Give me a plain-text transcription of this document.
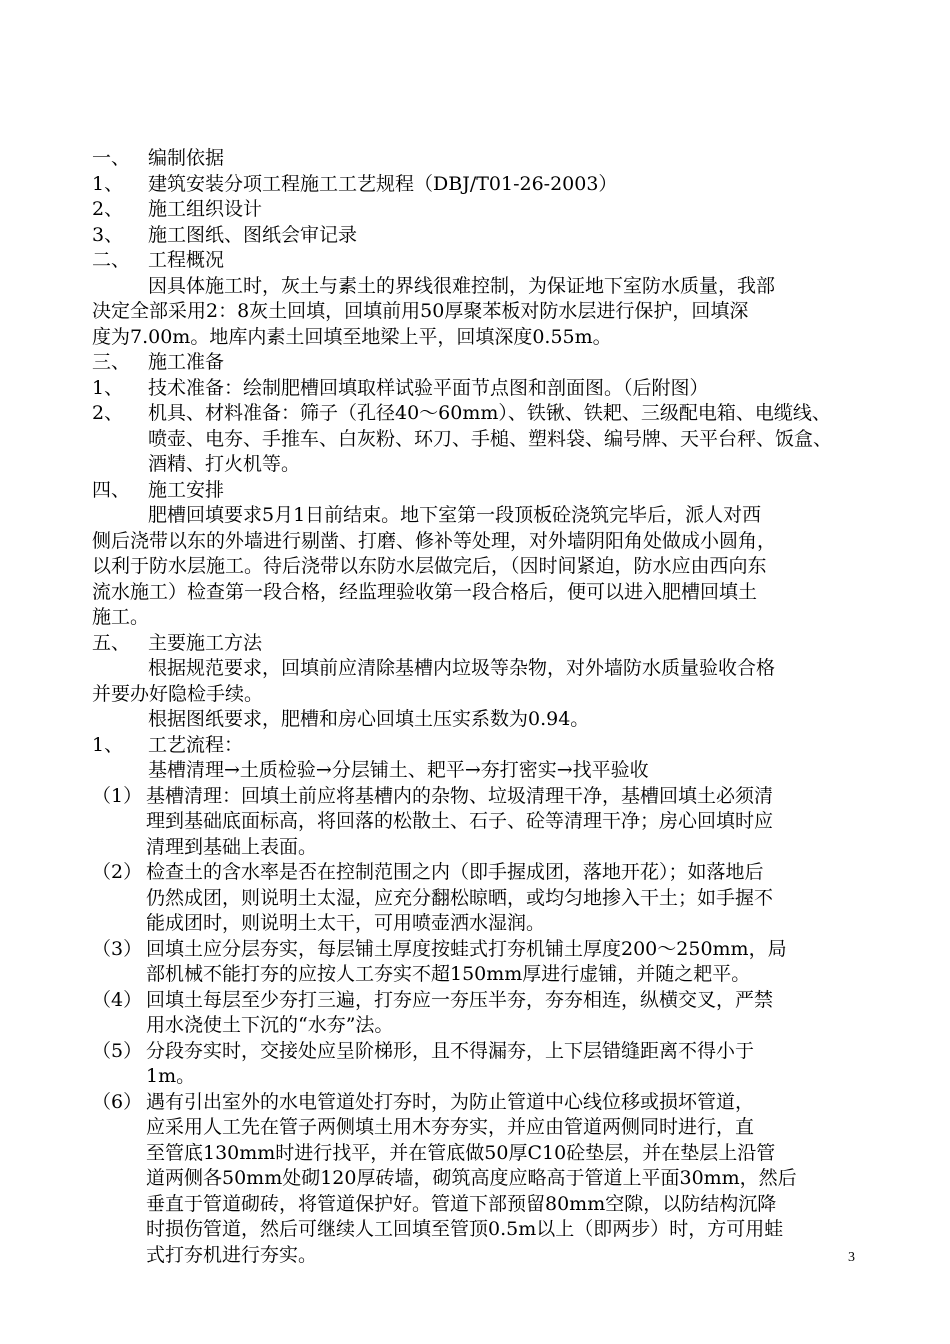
一、 编制依据
1、 建筑安装分项工程施工工艺规程（DBJ/T01-26-2003）
2、 施工组织设计
3、 施工图纸、图纸会审记录
二、 工程概况
因具体施工时，灰土与素土的界线很难控制，为保证地下室防水质量，我部
决定全部采用2：8灰土回填，回填前用50厚聚苯板对防水层进行保护，回填深
度为7.00m。地库内素土回填至地梁上平，回填深度0.55m。
三、 施工准备
1、 技术准备：绘制肥槽回填取样试验平面节点图和剖面图。（后附图）
2、 机具、材料准备：筛子（孔径40～60mm）、铁锹、铁耙、三级配电箱、电缆线、
喷壶、电夯、手推车、白灰粉、环刀、手槌、塑料袋、编号牌、天平台秤、饭盒、
酒精、打火机等。
四、 施工安排
肥槽回填要求5月1日前结束。地下室第一段顶板砼浇筑完毕后，派人对西
侧后浇带以东的外墙进行剔凿、打磨、修补等处理，对外墙阴阳角处做成小圆角，
以利于防水层施工。待后浇带以东防水层做完后，（因时间紧迫，防水应由西向东
流水施工）检查第一段合格，经监理验收第一段合格后，便可以进入肥槽回填土
施工。
五、 主要施工方法
根据规范要求，回填前应清除基槽内垃圾等杂物，对外墙防水质量验收合格
并要办好隐检手续。
根据图纸要求，肥槽和房心回填土压实系数为0.94。
1、 工艺流程：
基槽清理→土质检验→分层铺土、耙平→夯打密实→找平验收
（1） 基槽清理：回填土前应将基槽内的杂物、垃圾清理干净，基槽回填土必须清
理到基础底面标高，将回落的松散土、石子、砼等清理干净；房心回填时应
清理到基础上表面。
（2） 检查土的含水率是否在控制范围之内（即手握成团，落地开花）；如落地后
仍然成团，则说明土太湿，应充分翻松晾晒，或均匀地掺入干土；如手握不
能成团时，则说明土太干，可用喷壶洒水湿润。
（3） 回填土应分层夯实，每层铺土厚度按蛙式打夯机铺土厚度200～250mm，局
部机械不能打夯的应按人工夯实不超150mm厚进行虚铺，并随之耙平。
（4） 回填土每层至少夯打三遍，打夯应一夯压半夯，夯夯相连，纵横交叉，严禁
用水浇使土下沉的“水夯”法。
（5） 分段夯实时，交接处应呈阶梯形，且不得漏夯，上下层错缝距离不得小于
1m。
（6） 遇有引出室外的水电管道处打夯时，为防止管道中心线位移或损坏管道，
应采用人工先在管子两侧填土用木夯夯实，并应由管道两侧同时进行，直
至管底130mm时进行找平，并在管底做50厚C10砼垫层，并在垫层上沿管
道两侧各50mm处砌120厚砖墙，砌筑高度应略高于管道上平面30mm，然后
垂直于管道砌砖，将管道保护好。管道下部预留80mm空隙，以防结构沉降
时损伤管道，然后可继续人工回填至管顶0.5m以上（即两步）时，方可用蛙
式打夯机进行夯实。	3
